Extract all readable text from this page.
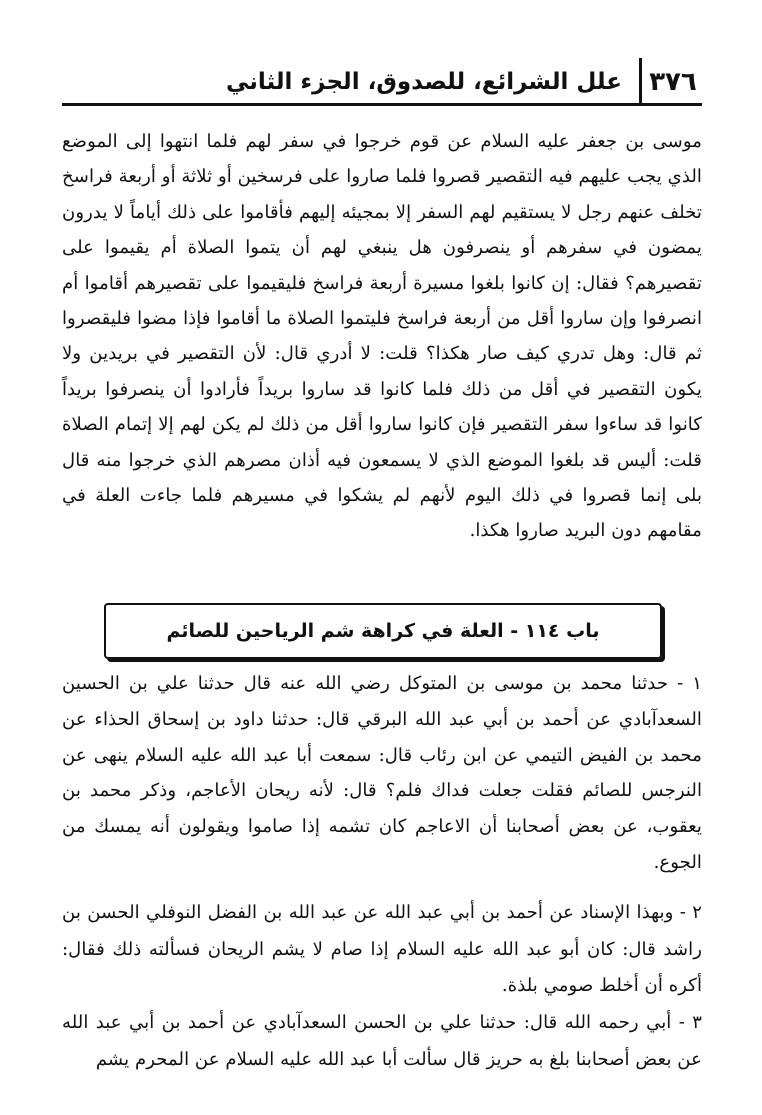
٣٧٦
علل الشرائع، للصدوق، الجزء الثاني

موسى بن جعفر عليه السلام عن قوم خرجوا في سفر لهم فلما انتهوا إلى الموضع الذي يجب عليهم فيه التقصير قصروا فلما صاروا على فرسخين أو ثلاثة أو أربعة فراسخ تخلف عنهم رجل لا يستقيم لهم السفر إلا بمجيئه إليهم فأقاموا على ذلك أياماً لا يدرون يمضون في سفرهم أو ينصرفون هل ينبغي لهم أن يتموا الصلاة أم يقيموا على تقصيرهم؟ فقال: إن كانوا بلغوا مسيرة أربعة فراسخ فليقيموا على تقصيرهم أقاموا أم انصرفوا وإن ساروا أقل من أربعة فراسخ فليتموا الصلاة ما أقاموا فإذا مضوا فليقصروا ثم قال: وهل تدري كيف صار هكذا؟ قلت: لا أدري قال: لأن التقصير في بريدين ولا يكون التقصير في أقل من ذلك فلما كانوا قد ساروا بريداً فأرادوا أن ينصرفوا بريداً كانوا قد ساءوا سفر التقصير فإن كانوا ساروا أقل من ذلك لم يكن لهم إلا إتمام الصلاة قلت: أليس قد بلغوا الموضع الذي لا يسمعون فيه أذان مصرهم الذي خرجوا منه قال بلى إنما قصروا في ذلك اليوم لأنهم لم يشكوا في مسيرهم فلما جاءت العلة في مقامهم دون البريد صاروا هكذا.

باب ١١٤ - العلة في كراهة شم الرياحين للصائم

١ - حدثنا محمد بن موسى بن المتوكل رضي الله عنه قال حدثنا علي بن الحسين السعدآبادي عن أحمد بن أبي عبد الله البرقي قال: حدثنا داود بن إسحاق الحذاء عن محمد بن الفيض التيمي عن ابن رئاب قال: سمعت أبا عبد الله عليه السلام ينهى عن النرجس للصائم فقلت جعلت فداك فلم؟ قال: لأنه ريحان الأعاجم، وذكر محمد بن يعقوب، عن بعض أصحابنا أن الاعاجم كان تشمه إذا صاموا ويقولون أنه يمسك من الجوع.

٢ - وبهذا الإسناد عن أحمد بن أبي عبد الله عن عبد الله بن الفضل النوفلي الحسن بن راشد قال: كان أبو عبد الله عليه السلام إذا صام لا يشم الريحان فسألته ذلك فقال: أكره أن أخلط صومي بلذة.

٣ - أبي رحمه الله قال: حدثنا علي بن الحسن السعدآبادي عن أحمد بن أبي عبد الله عن بعض أصحابنا بلغ به حريز قال سألت أبا عبد الله عليه السلام عن المحرم يشم
